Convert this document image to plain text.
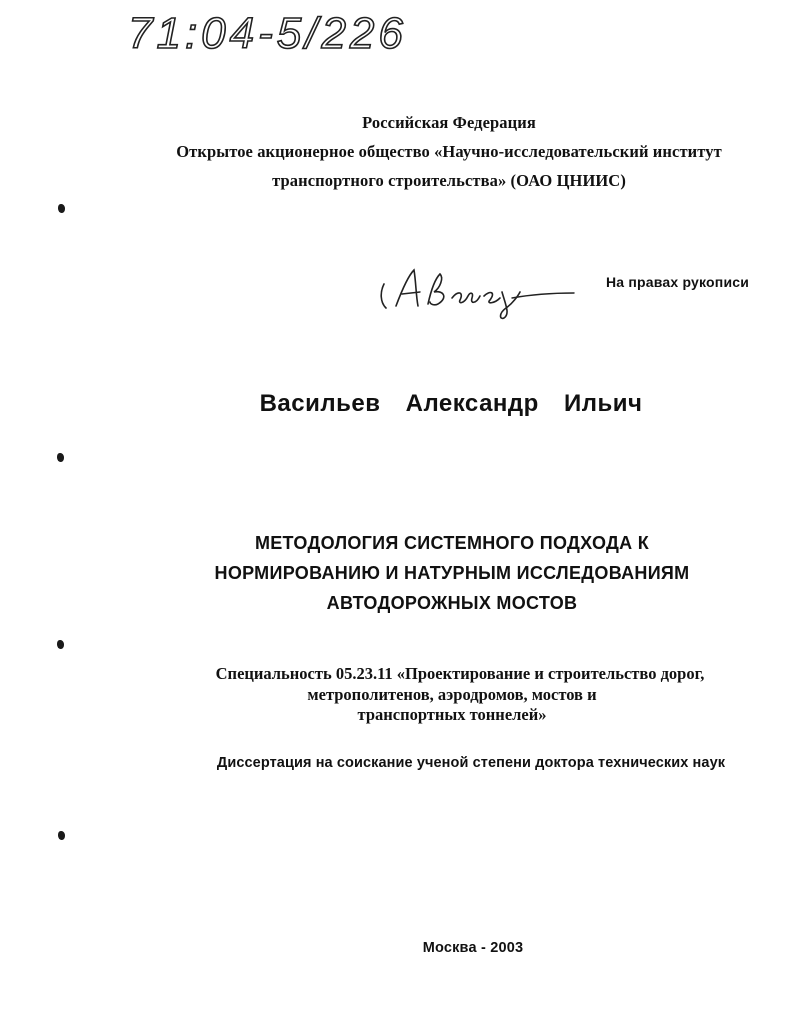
71:04-5/226
Российская Федерация
Открытое акционерное общество «Научно-исследовательский институт
транспортного строительства» (ОАО ЦНИИС)
На правах рукописи
Васильев Александр Ильич
МЕТОДОЛОГИЯ СИСТЕМНОГО ПОДХОДА К
НОРМИРОВАНИЮ И НАТУРНЫМ ИССЛЕДОВАНИЯМ
АВТОДОРОЖНЫХ МОСТОВ
Специальность 05.23.11 «Проектирование и строительство дорог,
метрополитенов, аэродромов, мостов и
транспортных тоннелей»
Диссертация на соискание ученой степени доктора технических наук
Москва - 2003
